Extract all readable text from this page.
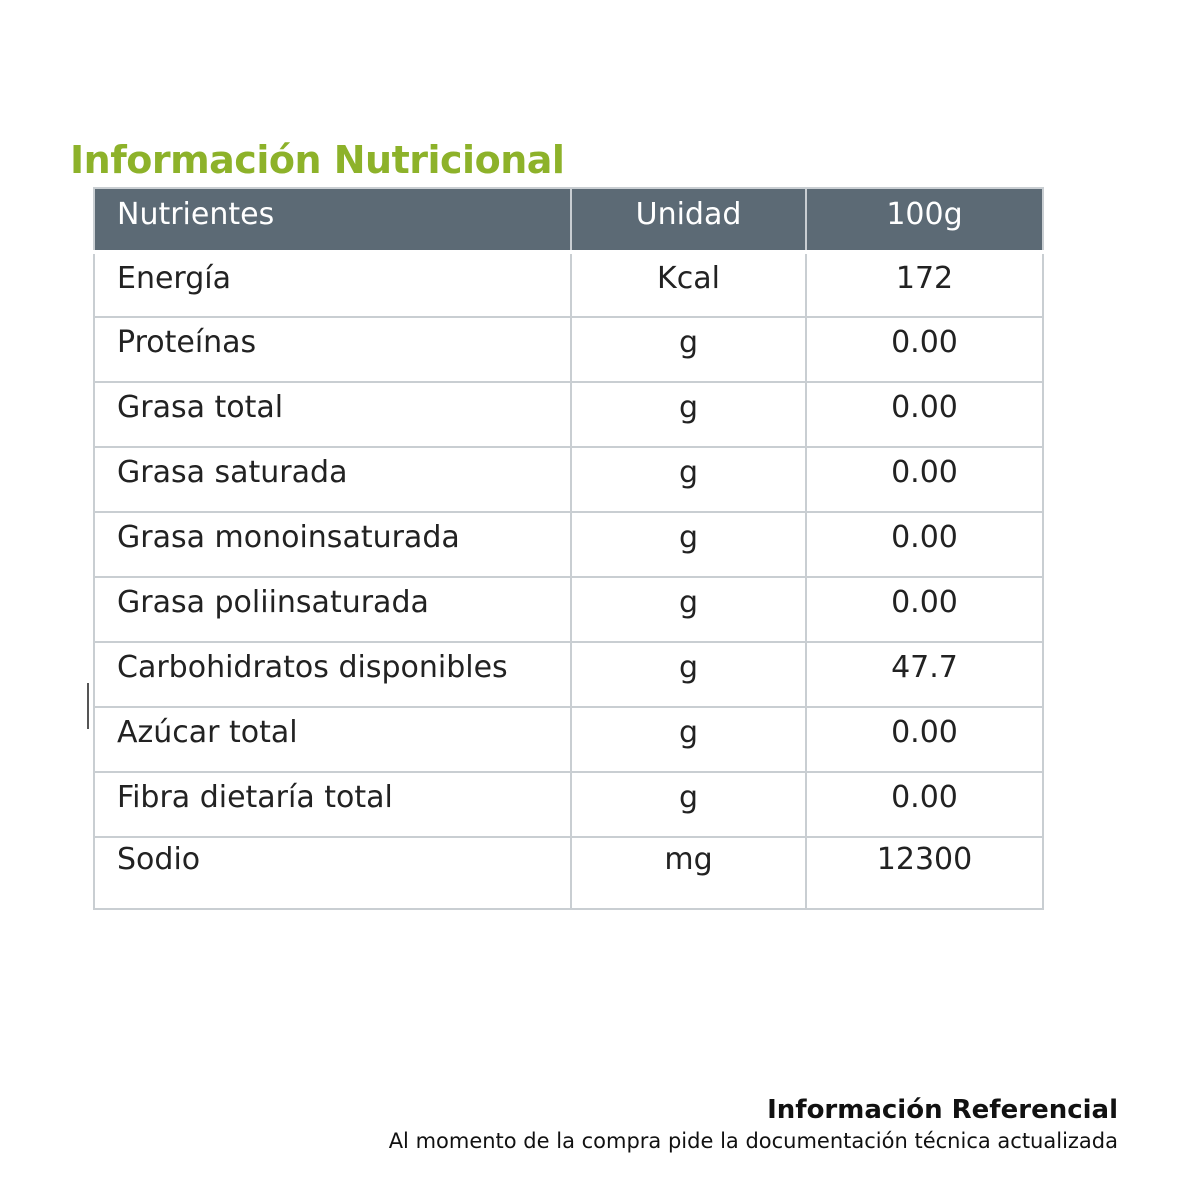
Información Nutricional
Nutrientes	Unidad	100g
Energía	Kcal	172
Proteínas	g	0.00
Grasa total	g	0.00
Grasa saturada	g	0.00
Grasa monoinsaturada	g	0.00
Grasa poliinsaturada	g	0.00
Carbohidratos disponibles	g	47.7
Azúcar total	g	0.00
Fibra dietaría total	g	0.00
Sodio	mg	12300
Información Referencial
Al momento de la compra pide la documentación técnica actualizada
